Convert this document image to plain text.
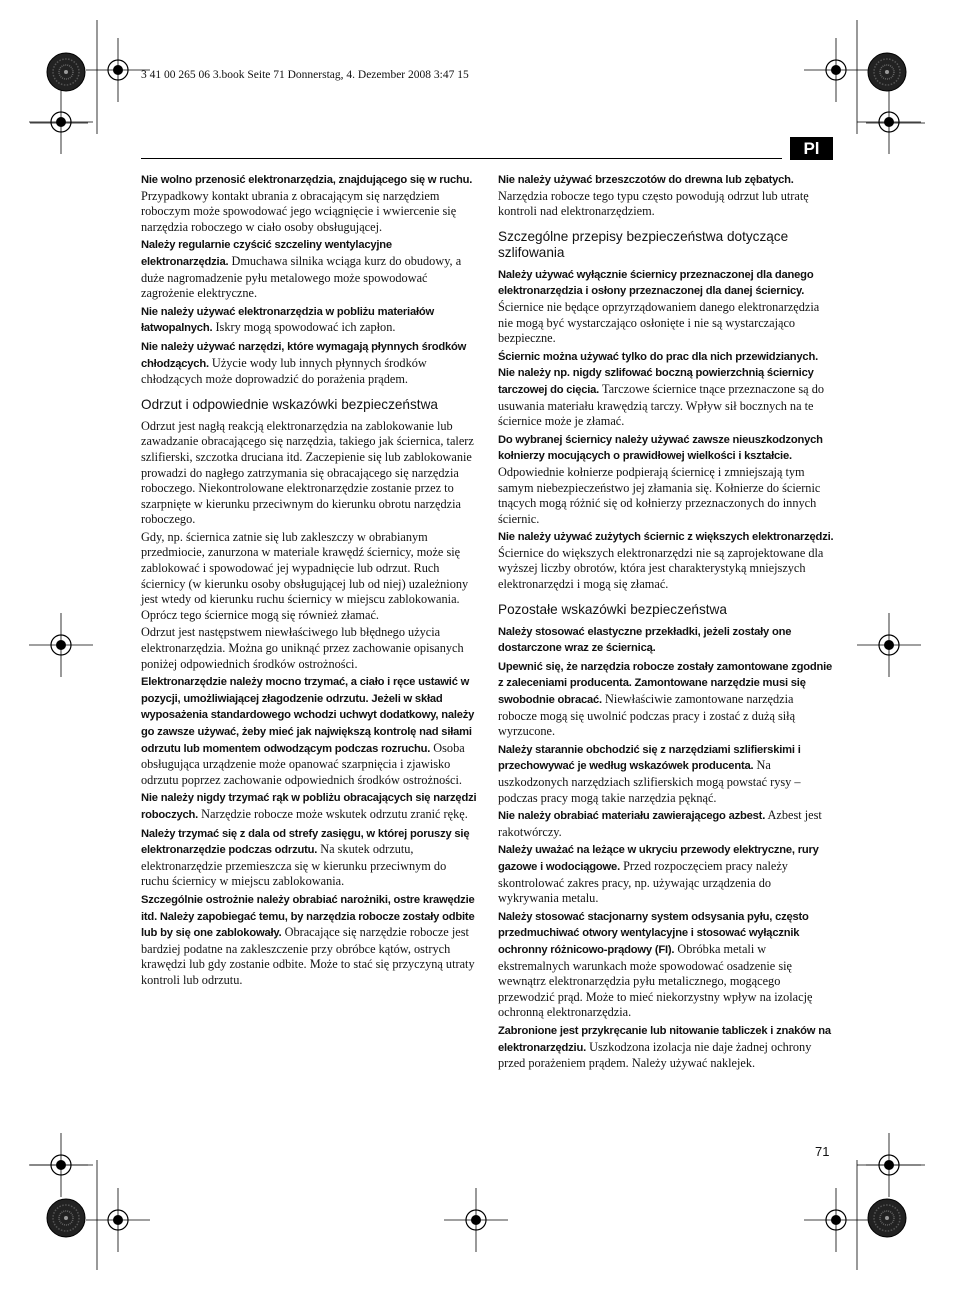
3 41 00 265 06 3.book Seite 71 Donnerstag, 4. Dezember 2008 3:47 15
Pl

Nie wolno przenosić elektronarzędzia, znajdującego się w ruchu. Przypadkowy kontakt ubrania z obracającym się narzędziem roboczym może spowodować jego wciągnięcie i wwiercenie się narzędzia roboczego w ciało osoby obsługującej.

Należy regularnie czyścić szczeliny wentylacyjne elektronarzędzia. Dmuchawa silnika wciąga kurz do obudowy, a duże nagromadzenie pyłu metalowego może spowodować zagrożenie elektryczne.

Nie należy używać elektronarzędzia w pobliżu materiałów łatwopalnych. Iskry mogą spowodować ich zapłon.

Nie należy używać narzędzi, które wymagają płynnych środków chłodzących. Użycie wody lub innych płynnych środków chłodzących może doprowadzić do porażenia prądem.

Odrzut i odpowiednie wskazówki bezpieczeństwa

Odrzut jest nagłą reakcją elektronarzędzia na zablokowanie lub zawadzanie obracającego się narzędzia, takiego jak ściernica, talerz szlifierski, szczotka druciana itd. Zaczepienie się lub zablokowanie prowadzi do nagłego zatrzymania się obracającego się narzędzia roboczego. Niekontrolowane elektronarzędzie zostanie przez to szarpnięte w kierunku przeciwnym do kierunku obrotu narzędzia roboczego.

Gdy, np. ściernica zatnie się lub zakleszczy w obrabianym przedmiocie, zanurzona w materiale krawędź ściernicy, może się zablokować i spowodować jej wypadnięcie lub odrzut. Ruch ściernicy (w kierunku osoby obsługującej lub od niej) uzależniony jest wtedy od kierunku ruchu ściernicy w miejscu zablokowania. Oprócz tego ściernice mogą się również złamać.

Odrzut jest następstwem niewłaściwego lub błędnego użycia elektronarzędzia. Można go uniknąć przez zachowanie opisanych poniżej odpowiednich środków ostrożności.

Elektronarzędzie należy mocno trzymać, a ciało i ręce ustawić w pozycji, umożliwiającej złagodzenie odrzutu. Jeżeli w skład wyposażenia standardowego wchodzi uchwyt dodatkowy, należy go zawsze używać, żeby mieć jak największą kontrolę nad siłami odrzutu lub momentem odwodzącym podczas rozruchu. Osoba obsługująca urządzenie może opanować szarpnięcia i zjawisko odrzutu poprzez zachowanie odpowiednich środków ostrożności.

Nie należy nigdy trzymać rąk w pobliżu obracających się narzędzi roboczych. Narzędzie robocze może wskutek odrzutu zranić rękę.

Należy trzymać się z dala od strefy zasięgu, w której poruszy się elektronarzędzie podczas odrzutu. Na skutek odrzutu, elektronarzędzie przemieszcza się w kierunku przeciwnym do ruchu ściernicy w miejscu zablokowania.

Szczególnie ostrożnie należy obrabiać narożniki, ostre krawędzie itd. Należy zapobiegać temu, by narzędzia robocze zostały odbite lub by się one zablokowały. Obracające się narzędzie robocze jest bardziej podatne na zakleszczenie przy obróbce kątów, ostrych krawędzi lub gdy zostanie odbite. Może to stać się przyczyną utraty kontroli lub odrzutu.

Nie należy używać brzeszczotów do drewna lub zębatych. Narzędzia robocze tego typu często powodują odrzut lub utratę kontroli nad elektronarzędziem.

Szczególne przepisy bezpieczeństwa dotyczące szlifowania

Należy używać wyłącznie ściernicy przeznaczonej dla danego elektronarzędzia i osłony przeznaczonej dla danej ściernicy. Ściernice nie będące oprzyrządowaniem danego elektronarzędzia nie mogą być wystarczająco osłonięte i nie są wystarczająco bezpieczne.

Ściernic można używać tylko do prac dla nich przewidzianych. Nie należy np. nigdy szlifować boczną powierzchnią ściernicy tarczowej do cięcia. Tarczowe ściernice tnące przeznaczone są do usuwania materiału krawędzią tarczy. Wpływ sił bocznych na te ściernice może je złamać.

Do wybranej ściernicy należy używać zawsze nieuszkodzonych kołnierzy mocujących o prawidłowej wielkości i kształcie. Odpowiednie kołnierze podpierają ściernicę i zmniejszają tym samym niebezpieczeństwo jej złamania się. Kołnierze do ściernic tnących mogą różnić się od kołnierzy przeznaczonych do innych ściernic.

Nie należy używać zużytych ściernic z większych elektronarzędzi. Ściernice do większych elektronarzędzi nie są zaprojektowane dla wyższej liczby obrotów, która jest charakterystyką mniejszych elektronarzędzi i mogą się złamać.

Pozostałe wskazówki bezpieczeństwa

Należy stosować elastyczne przekładki, jeżeli zostały one dostarczone wraz ze ściernicą.

Upewnić się, że narzędzia robocze zostały zamontowane zgodnie z zaleceniami producenta. Zamontowane narzędzie musi się swobodnie obracać. Niewłaściwie zamontowane narzędzia robocze mogą się uwolnić podczas pracy i zostać z dużą siłą wyrzucone.

Należy starannie obchodzić się z narzędziami szlifierskimi i przechowywać je według wskazówek producenta. Na uszkodzonych narzędziach szlifierskich mogą powstać rysy – podczas pracy mogą takie narzędzia pęknąć.

Nie należy obrabiać materiału zawierającego azbest. Azbest jest rakotwórczy.

Należy uważać na leżące w ukryciu przewody elektryczne, rury gazowe i wodociągowe. Przed rozpoczęciem pracy należy skontrolować zakres pracy, np. używając urządzenia do wykrywania metalu.

Należy stosować stacjonarny system odsysania pyłu, często przedmuchiwać otwory wentylacyjne i stosować wyłącznik ochronny różnicowo-prądowy (FI). Obróbka metali w ekstremalnych warunkach może spowodować osadzenie się wewnątrz elektronarzędzia pyłu metalicznego, mogącego przewodzić prąd. Może to mieć niekorzystny wpływ na izolację ochronną elektronarzędzia.

Zabronione jest przykręcanie lub nitowanie tabliczek i znaków na elektronarzędziu. Uszkodzona izolacja nie daje żadnej ochrony przed porażeniem prądem. Należy używać naklejek.

71
